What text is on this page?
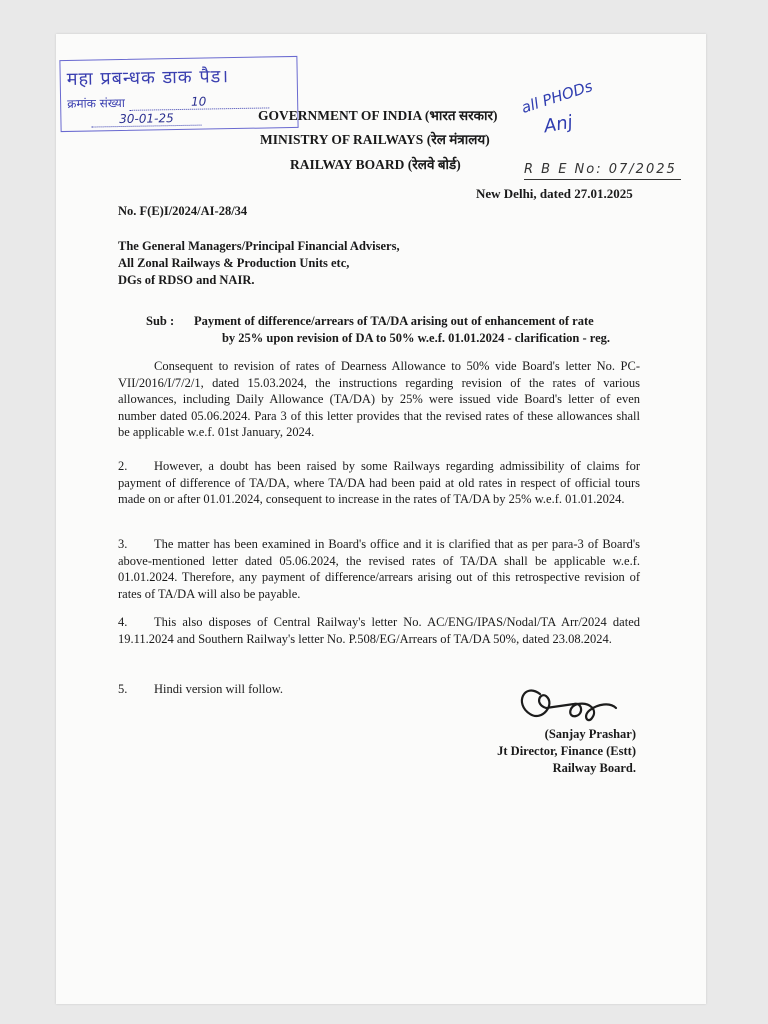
महा प्रबन्धक डाक पैड।
क्रमांक संख्या	10
30-01-25	GOVERNMENT OF INDIA (भारत सरकार)
MINISTRY OF RAILWAYS (रेल मंत्रालय)
RAILWAY BOARD (रेलवे बोर्ड)
all PHODs
Anj
R B E No: 07/2025
New Delhi, dated 27.01.2025
No. F(E)I/2024/AI-28/34
The General Managers/Principal Financial Advisers,
All Zonal Railways & Production Units etc,
DGs of RDSO and NAIR.
Sub : Payment of difference/arrears of TA/DA arising out of enhancement of rate
by 25% upon revision of DA to 50% w.e.f. 01.01.2024 - clarification - reg.
Consequent to revision of rates of Dearness Allowance to 50% vide Board's letter No. PC-VII/2016/I/7/2/1, dated 15.03.2024, the instructions regarding revision of the rates of various allowances, including Daily Allowance (TA/DA) by 25% were issued vide Board's letter of even number dated 05.06.2024. Para 3 of this letter provides that the revised rates of these allowances shall be applicable w.e.f. 01st January, 2024.
2. However, a doubt has been raised by some Railways regarding admissibility of claims for payment of difference of TA/DA, where TA/DA had been paid at old rates in respect of official tours made on or after 01.01.2024, consequent to increase in the rates of TA/DA by 25% w.e.f. 01.01.2024.
3. The matter has been examined in Board's office and it is clarified that as per para-3 of Board's above-mentioned letter dated 05.06.2024, the revised rates of TA/DA shall be applicable w.e.f. 01.01.2024. Therefore, any payment of difference/arrears arising out of this retrospective revision of rates of TA/DA will also be payable.
4. This also disposes of Central Railway's letter No. AC/ENG/IPAS/Nodal/TA Arr/2024 dated 19.11.2024 and Southern Railway's letter No. P.508/EG/Arrears of TA/DA 50%, dated 23.08.2024.
5. Hindi version will follow.
(Sanjay Prashar)
Jt Director, Finance (Estt)
Railway Board.
